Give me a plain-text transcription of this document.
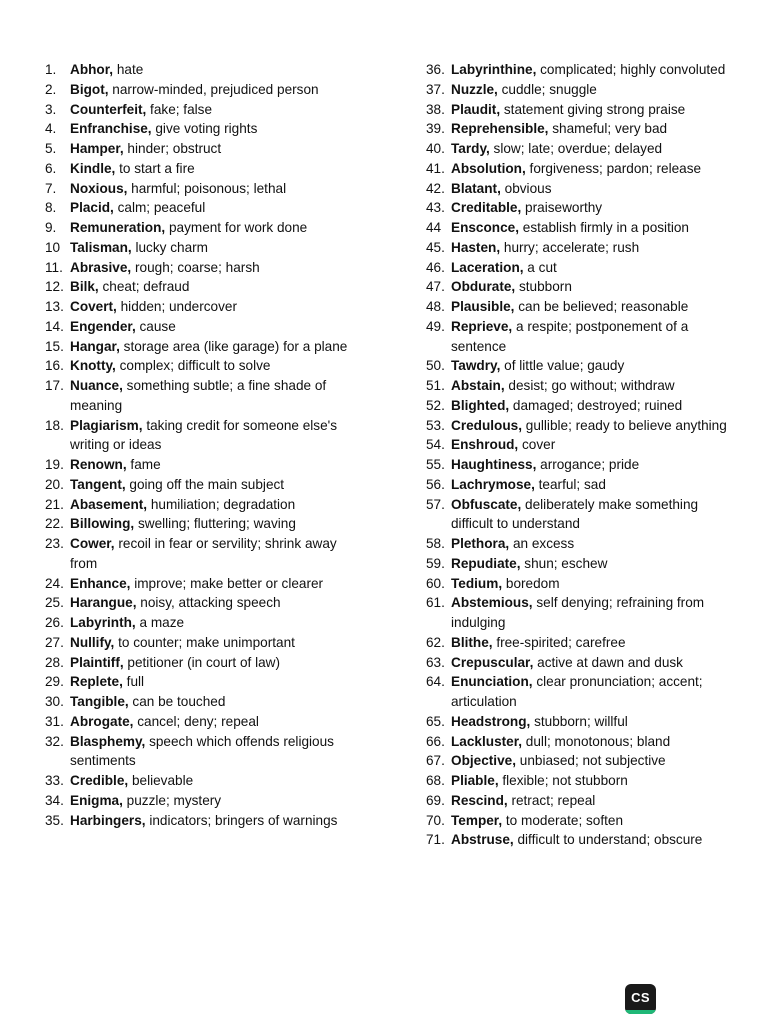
1. Abhor, hate
2. Bigot, narrow-minded, prejudiced person
3. Counterfeit, fake; false
4. Enfranchise, give voting rights
5. Hamper, hinder; obstruct
6. Kindle, to start a fire
7. Noxious, harmful; poisonous; lethal
8. Placid, calm; peaceful
9. Remuneration, payment for work done
10 Talisman, lucky charm
11. Abrasive, rough; coarse; harsh
12. Bilk, cheat; defraud
13. Covert, hidden; undercover
14. Engender, cause
15. Hangar, storage area (like garage) for a plane
16. Knotty, complex; difficult to solve
17. Nuance, something subtle; a fine shade of meaning
18. Plagiarism, taking credit for someone else's writing or ideas
19. Renown, fame
20. Tangent, going off the main subject
21. Abasement, humiliation; degradation
22. Billowing, swelling; fluttering; waving
23. Cower, recoil in fear or servility; shrink away from
24. Enhance, improve; make better or clearer
25. Harangue, noisy, attacking speech
26. Labyrinth, a maze
27. Nullify, to counter; make unimportant
28. Plaintiff, petitioner (in court of law)
29. Replete, full
30. Tangible, can be touched
31. Abrogate, cancel; deny; repeal
32. Blasphemy, speech which offends religious sentiments
33. Credible, believable
34. Enigma, puzzle; mystery
35. Harbingers, indicators; bringers of warnings
36. Labyrinthine, complicated; highly convoluted
37. Nuzzle, cuddle; snuggle
38. Plaudit, statement giving strong praise
39. Reprehensible, shameful; very bad
40. Tardy, slow; late; overdue; delayed
41. Absolution, forgiveness; pardon; release
42. Blatant, obvious
43. Creditable, praiseworthy
44 Ensconce, establish firmly in a position
45. Hasten, hurry; accelerate; rush
46. Laceration, a cut
47. Obdurate, stubborn
48. Plausible, can be believed; reasonable
49. Reprieve, a respite; postponement of a sentence
50. Tawdry, of little value; gaudy
51. Abstain, desist; go without; withdraw
52. Blighted, damaged; destroyed; ruined
53. Credulous, gullible; ready to believe anything
54. Enshroud, cover
55. Haughtiness, arrogance; pride
56. Lachrymose, tearful; sad
57. Obfuscate, deliberately make something difficult to understand
58. Plethora, an excess
59. Repudiate, shun; eschew
60. Tedium, boredom
61. Abstemious, self denying; refraining from indulging
62. Blithe, free-spirited; carefree
63. Crepuscular, active at dawn and dusk
64. Enunciation, clear pronunciation; accent; articulation
65. Headstrong, stubborn; willful
66. Lackluster, dull; monotonous; bland
67. Objective, unbiased; not subjective
68. Pliable, flexible; not stubborn
69. Rescind, retract; repeal
70. Temper, to moderate; soften
71. Abstruse, difficult to understand; obscure
CS
